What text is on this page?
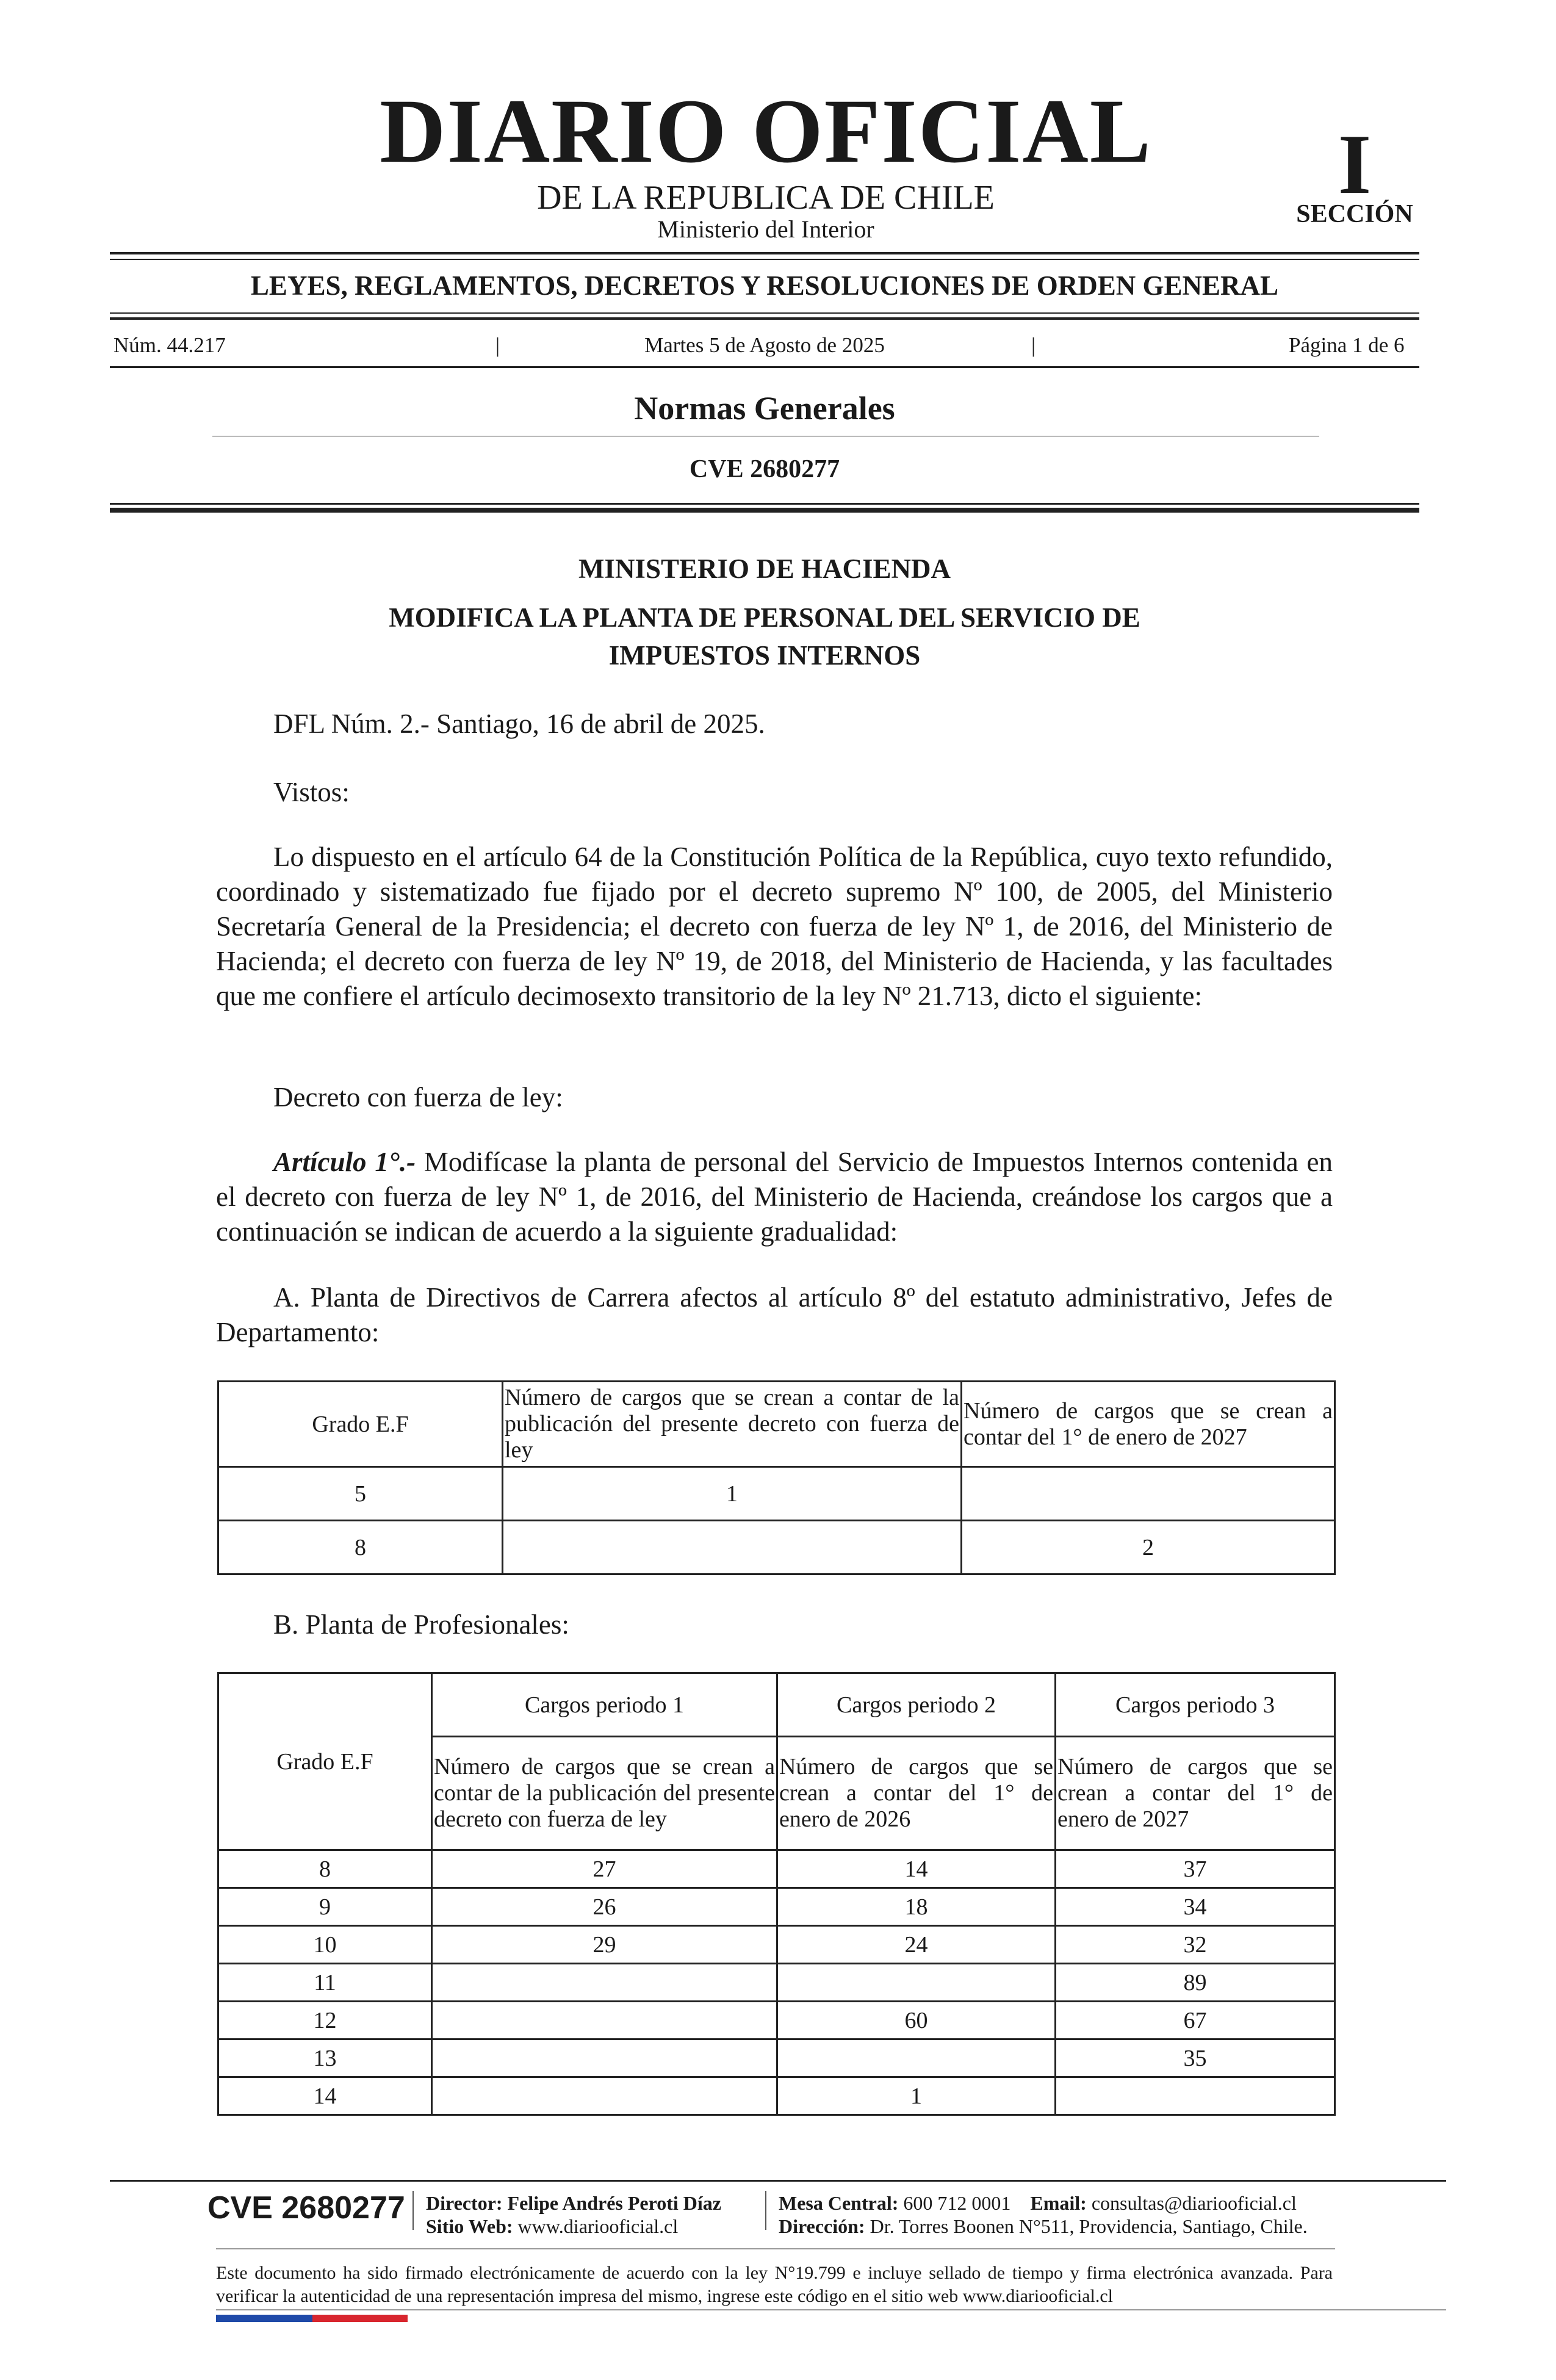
DIARIO OFICIAL
DE LA REPUBLICA DE CHILE
Ministerio del Interior
I
SECCIÓN
LEYES, REGLAMENTOS, DECRETOS Y RESOLUCIONES DE ORDEN GENERAL
Núm. 44.217	|	Martes 5 de Agosto de 2025	|	Página 1 de 6
Normas Generales
CVE 2680277
MINISTERIO DE HACIENDA
MODIFICA LA PLANTA DE PERSONAL DEL SERVICIO DE
IMPUESTOS INTERNOS
DFL Núm. 2.- Santiago, 16 de abril de 2025.
Vistos:
Lo dispuesto en el artículo 64 de la Constitución Política de la República, cuyo texto refundido, coordinado y sistematizado fue fijado por el decreto supremo Nº 100, de 2005, del Ministerio Secretaría General de la Presidencia; el decreto con fuerza de ley Nº 1, de 2016, del Ministerio de Hacienda; el decreto con fuerza de ley Nº 19, de 2018, del Ministerio de Hacienda, y las facultades que me confiere el artículo decimosexto transitorio de la ley Nº 21.713, dicto el siguiente:
Decreto con fuerza de ley:
Artículo 1°.- Modifícase la planta de personal del Servicio de Impuestos Internos contenida en el decreto con fuerza de ley Nº 1, de 2016, del Ministerio de Hacienda, creándose los cargos que a continuación se indican de acuerdo a la siguiente gradualidad:
A. Planta de Directivos de Carrera afectos al artículo 8º del estatuto administrativo, Jefes de Departamento:
Grado E.F	Número de cargos que se crean a contar de la publicación del presente decreto con fuerza de ley	Número de cargos que se crean a contar del 1° de enero de 2027
5	1	
8		2
B. Planta de Profesionales:
Grado E.F	Cargos periodo 1	Cargos periodo 2	Cargos periodo 3
	Número de cargos que se crean a contar de la publicación del presente decreto con fuerza de ley	Número de cargos que se crean a contar del 1° de enero de 2026	Número de cargos que se crean a contar del 1° de enero de 2027
8	27	14	37
9	26	18	34
10	29	24	32
11			89
12		60	67
13			35
14		1	
CVE 2680277 Director: Felipe Andrés Peroti Díaz
Sitio Web: www.diariooficial.cl
Mesa Central: 600 712 0001 Email: consultas@diariooficial.cl
Dirección: Dr. Torres Boonen N°511, Providencia, Santiago, Chile.
Este documento ha sido firmado electrónicamente de acuerdo con la ley N°19.799 e incluye sellado de tiempo y firma electrónica avanzada. Para verificar la autenticidad de una representación impresa del mismo, ingrese este código en el sitio web www.diariooficial.cl
